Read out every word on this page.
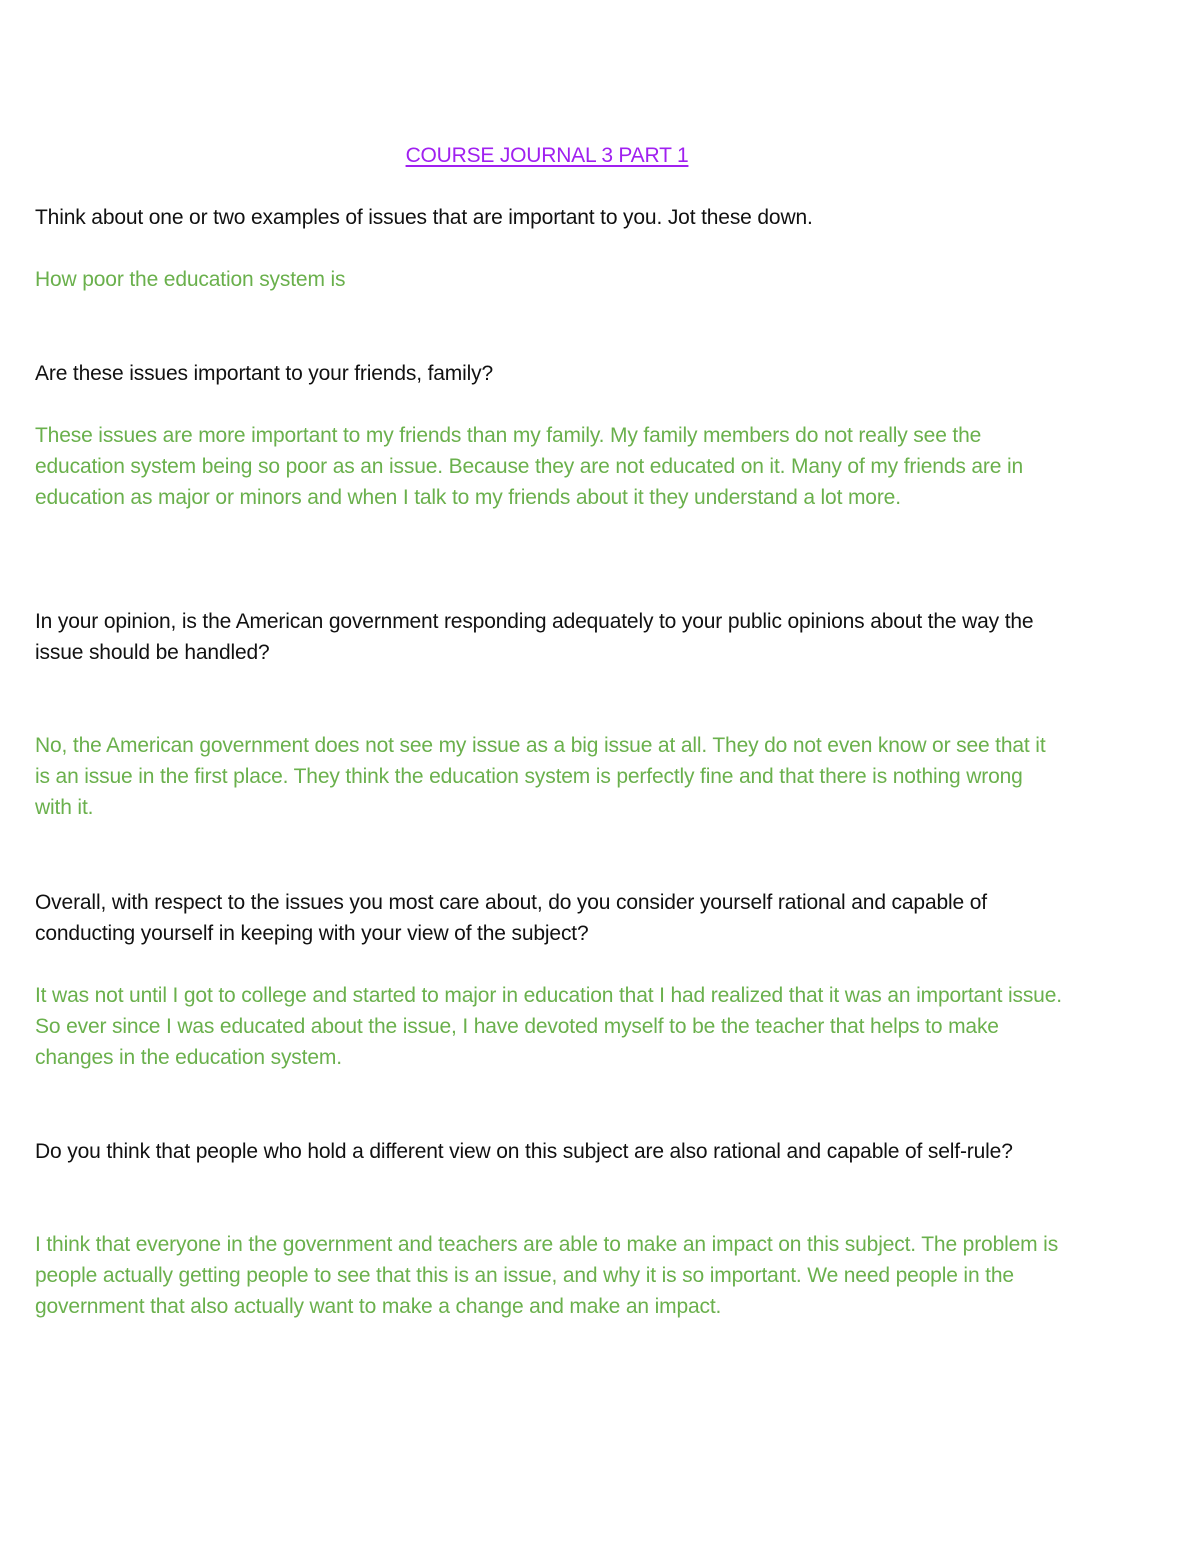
COURSE JOURNAL 3 PART 1

Think about one or two examples of issues that are important to you. Jot these down.

How poor the education system is

Are these issues important to your friends, family?

These issues are more important to my friends than my family. My family members do not really see the education system being so poor as an issue. Because they are not educated on it. Many of my friends are in education as major or minors and when I talk to my friends about it they understand a lot more.

In your opinion, is the American government responding adequately to your public opinions about the way the issue should be handled?

No, the American government does not see my issue as a big issue at all. They do not even know or see that it is an issue in the first place. They think the education system is perfectly fine and that there is nothing wrong with it.

Overall, with respect to the issues you most care about, do you consider yourself rational and capable of conducting yourself in keeping with your view of the subject?

It was not until I got to college and started to major in education that I had realized that it was an important issue. So ever since I was educated about the issue, I have devoted myself to be the teacher that helps to make changes in the education system.

Do you think that people who hold a different view on this subject are also rational and capable of self-rule?

I think that everyone in the government and teachers are able to make an impact on this subject. The problem is people actually getting people to see that this is an issue, and why it is so important. We need people in the government that also actually want to make a change and make an impact.
